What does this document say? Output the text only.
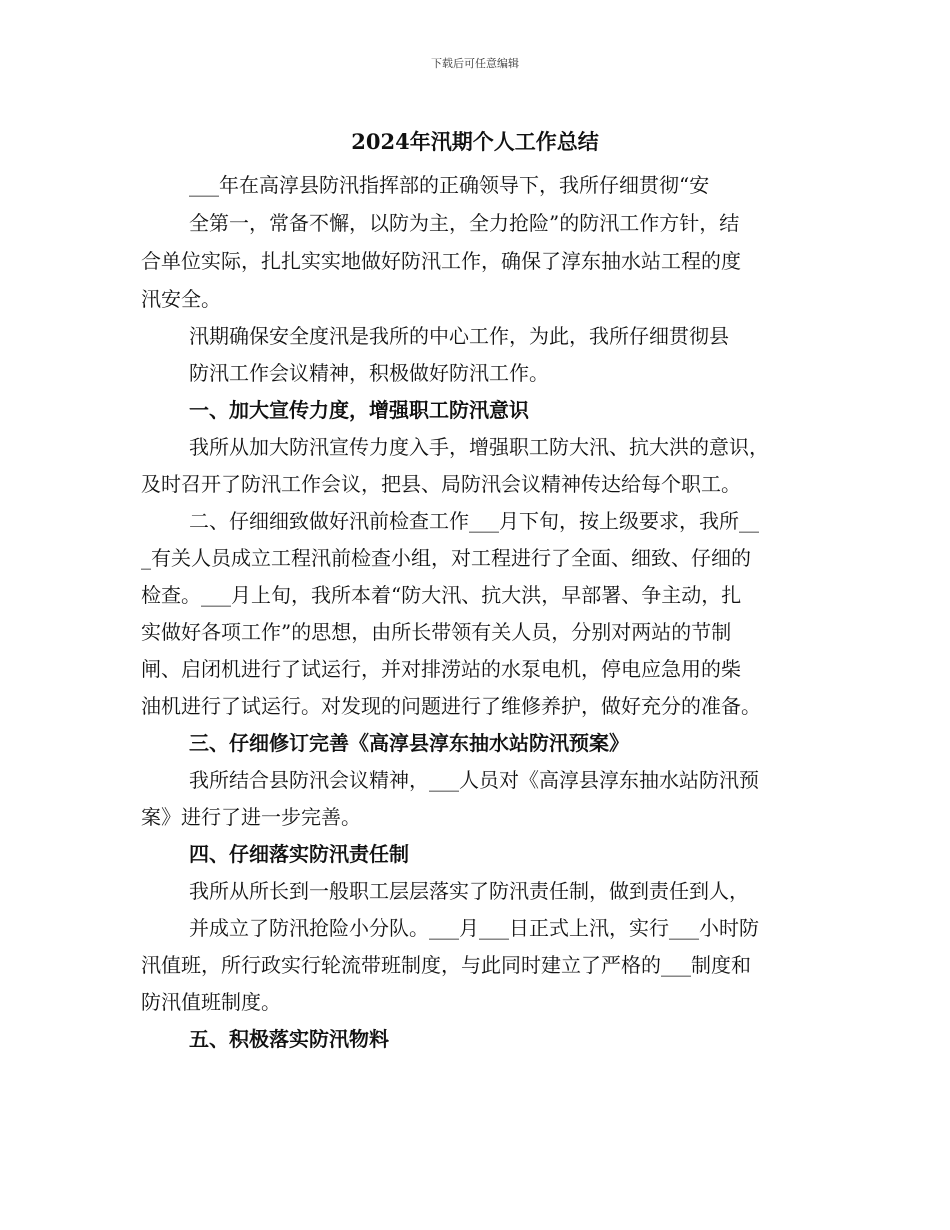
下载后可任意编辑
2024年汛期个人工作总结
___年在高淳县防汛指挥部的正确领导下，我所仔细贯彻“安
全第一，常备不懈，以防为主，全力抢险”的防汛工作方针，结
合单位实际，扎扎实实地做好防汛工作，确保了淳东抽水站工程的度
汛安全。
汛期确保安全度汛是我所的中心工作，为此，我所仔细贯彻县
防汛工作会议精神，积极做好防汛工作。
一、加大宣传力度，增强职工防汛意识
我所从加大防汛宣传力度入手，增强职工防大汛、抗大洪的意识，
及时召开了防汛工作会议，把县、局防汛会议精神传达给每个职工。
二、仔细细致做好汛前检查工作___月下旬，按上级要求，我所__
_有关人员成立工程汛前检查小组，对工程进行了全面、细致、仔细的
检查。___月上旬，我所本着“防大汛、抗大洪，早部署、争主动，扎
实做好各项工作”的思想，由所长带领有关人员，分别对两站的节制
闸、启闭机进行了试运行，并对排涝站的水泵电机，停电应急用的柴
油机进行了试运行。对发现的问题进行了维修养护，做好充分的准备。
三、仔细修订完善《高淳县淳东抽水站防汛预案》
我所结合县防汛会议精神，___人员对《高淳县淳东抽水站防汛预
案》进行了进一步完善。
四、仔细落实防汛责任制
我所从所长到一般职工层层落实了防汛责任制，做到责任到人，
并成立了防汛抢险小分队。___月___日正式上汛，实行___小时防
汛值班，所行政实行轮流带班制度，与此同时建立了严格的___制度和
防汛值班制度。
五、积极落实防汛物料
